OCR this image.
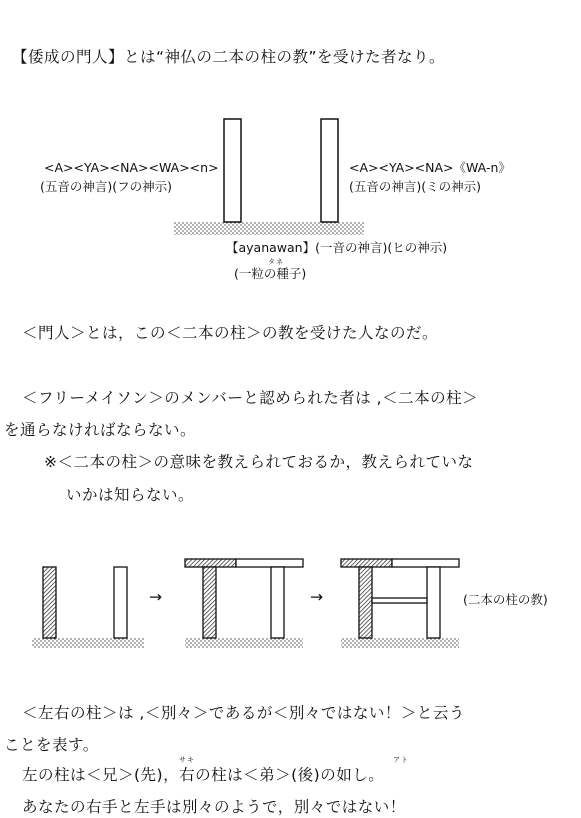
【倭成の門人】とは“神仏の二本の柱の教”を受けた者なり。
<A><YA><NA><WA><n>
(五音の神言)(フの神示)
<A><YA><NA>《WA-n》
(五音の神言)(ミの神示)
【ayanawan】(一音の神言)(ヒの神示)
タネ
(一粒の種子)
＜門人＞とは，この＜二本の柱＞の教を受けた人なのだ。
＜フリーメイソン＞のメンバーと認められた者は ,＜二本の柱＞
を通らなければならない。
※＜二本の柱＞の意味を教えられておるか，教えられていな
いかは知らない。
→	→	(二本の柱の教)
＜左右の柱＞は ,＜別々＞であるが＜別々ではない！＞と云う
ことを表す。
サキ	アト
左の柱は＜兄＞(先)，右の柱は＜弟＞(後)の如し。
あなたの右手と左手は別々のようで，別々ではない！
